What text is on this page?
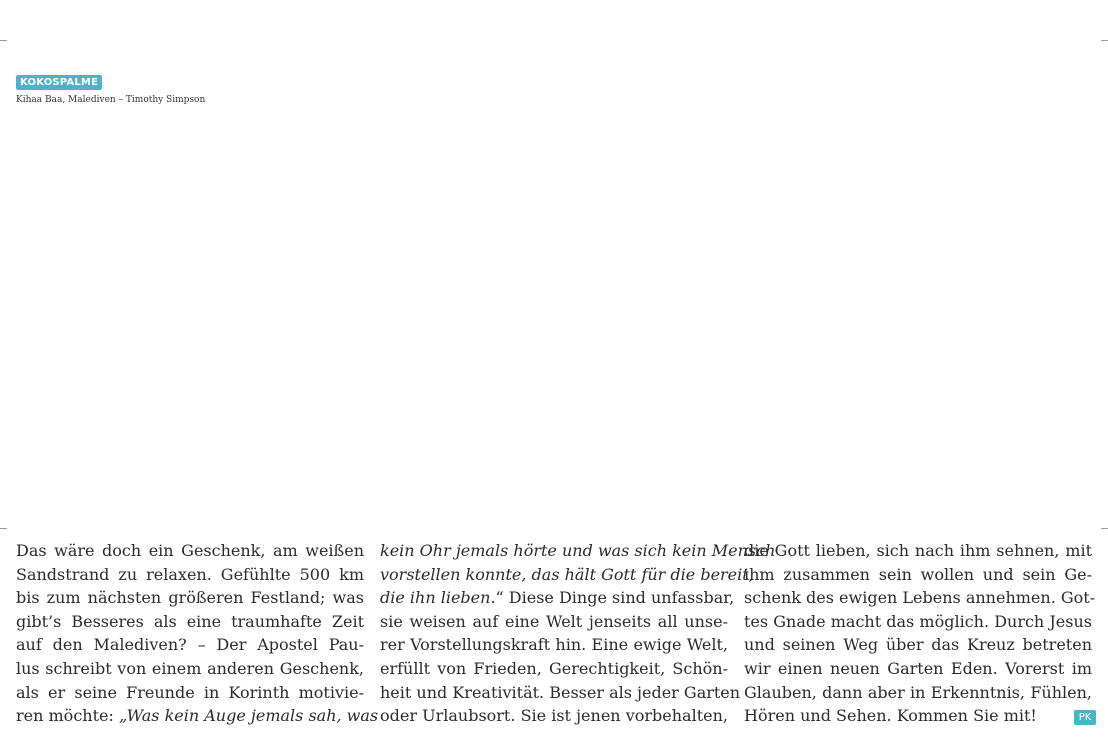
KOKOSPALME
Kihaa Baa, Malediven – Timothy Simpson
Das wäre doch ein Geschenk, am weißen
Sandstrand zu relaxen. Gefühlte 500 km
bis zum nächsten größeren Festland; was
gibt’s Besseres als eine traumhafte Zeit
auf den Malediven? – Der Apostel Pau-
lus schreibt von einem anderen Geschenk,
als er seine Freunde in Korinth motivie-
ren möchte: „Was kein Auge jemals sah, was
kein Ohr jemals hörte und was sich kein Mensch
vorstellen konnte, das hält Gott für die bereit,
die ihn lieben.“ Diese Dinge sind unfassbar,
sie weisen auf eine Welt jenseits all unse-
rer Vorstellungskraft hin. Eine ewige Welt,
erfüllt von Frieden, Gerechtigkeit, Schön-
heit und Kreativität. Besser als jeder Garten
oder Urlaubsort. Sie ist jenen vorbehalten,
die Gott lieben, sich nach ihm sehnen, mit
ihm zusammen sein wollen und sein Ge-
schenk des ewigen Lebens annehmen. Got-
tes Gnade macht das möglich. Durch Jesus
und seinen Weg über das Kreuz betreten
wir einen neuen Garten Eden. Vorerst im
Glauben, dann aber in Erkenntnis, Fühlen,
Hören und Sehen. Kommen Sie mit!	PK
